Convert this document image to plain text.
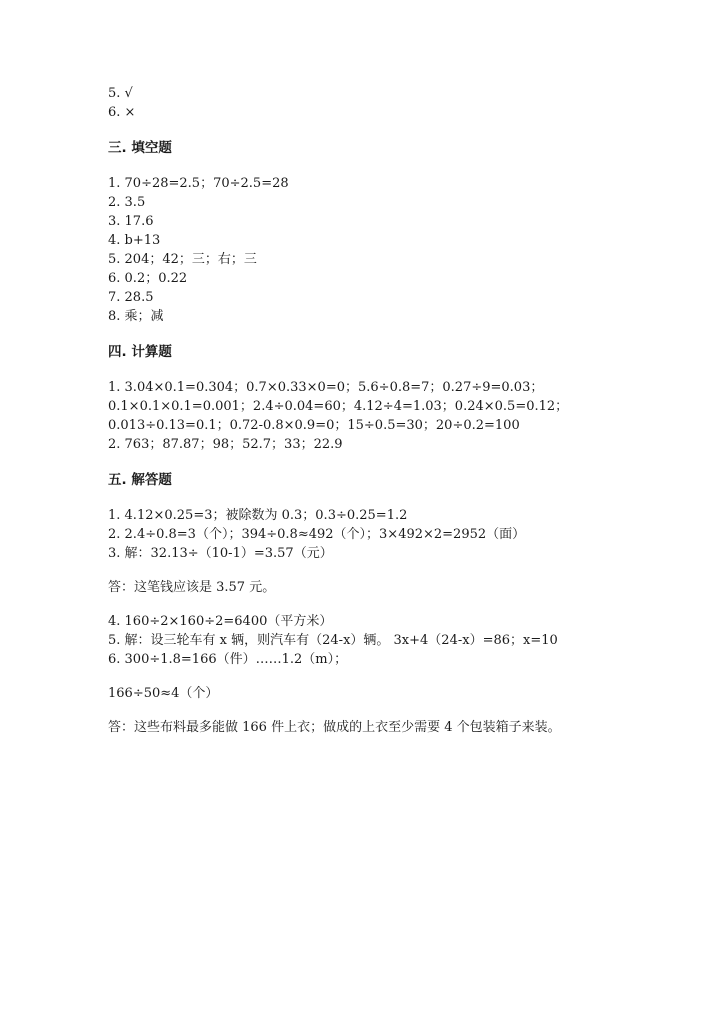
5. √
6. ×
三. 填空题
1. 70÷28=2.5；70÷2.5=28
2. 3.5
3. 17.6
4. b+13
5. 204；42；三；右；三
6. 0.2；0.22
7. 28.5
8. 乘；减
四. 计算题
1. 3.04×0.1=0.304；0.7×0.33×0=0；5.6÷0.8=7；0.27÷9=0.03；
0.1×0.1×0.1=0.001；2.4÷0.04=60；4.12÷4=1.03；0.24×0.5=0.12；
0.013÷0.13=0.1；0.72-0.8×0.9=0；15÷0.5=30；20÷0.2=100
2. 763；87.87；98；52.7；33；22.9
五. 解答题
1. 4.12×0.25=3；被除数为 0.3；0.3÷0.25=1.2
2. 2.4÷0.8=3（个）；394÷0.8≈492（个）；3×492×2=2952（面）
3. 解：32.13÷（10-1）=3.57（元）
答：这笔钱应该是 3.57 元。
4. 160÷2×160÷2=6400（平方米）
5. 解：设三轮车有 x 辆，则汽车有（24-x）辆。 3x+4（24-x）=86；x=10
6. 300÷1.8=166（件）……1.2（m）；
166÷50≈4（个）
答：这些布料最多能做 166 件上衣；做成的上衣至少需要 4 个包装箱子来装。
